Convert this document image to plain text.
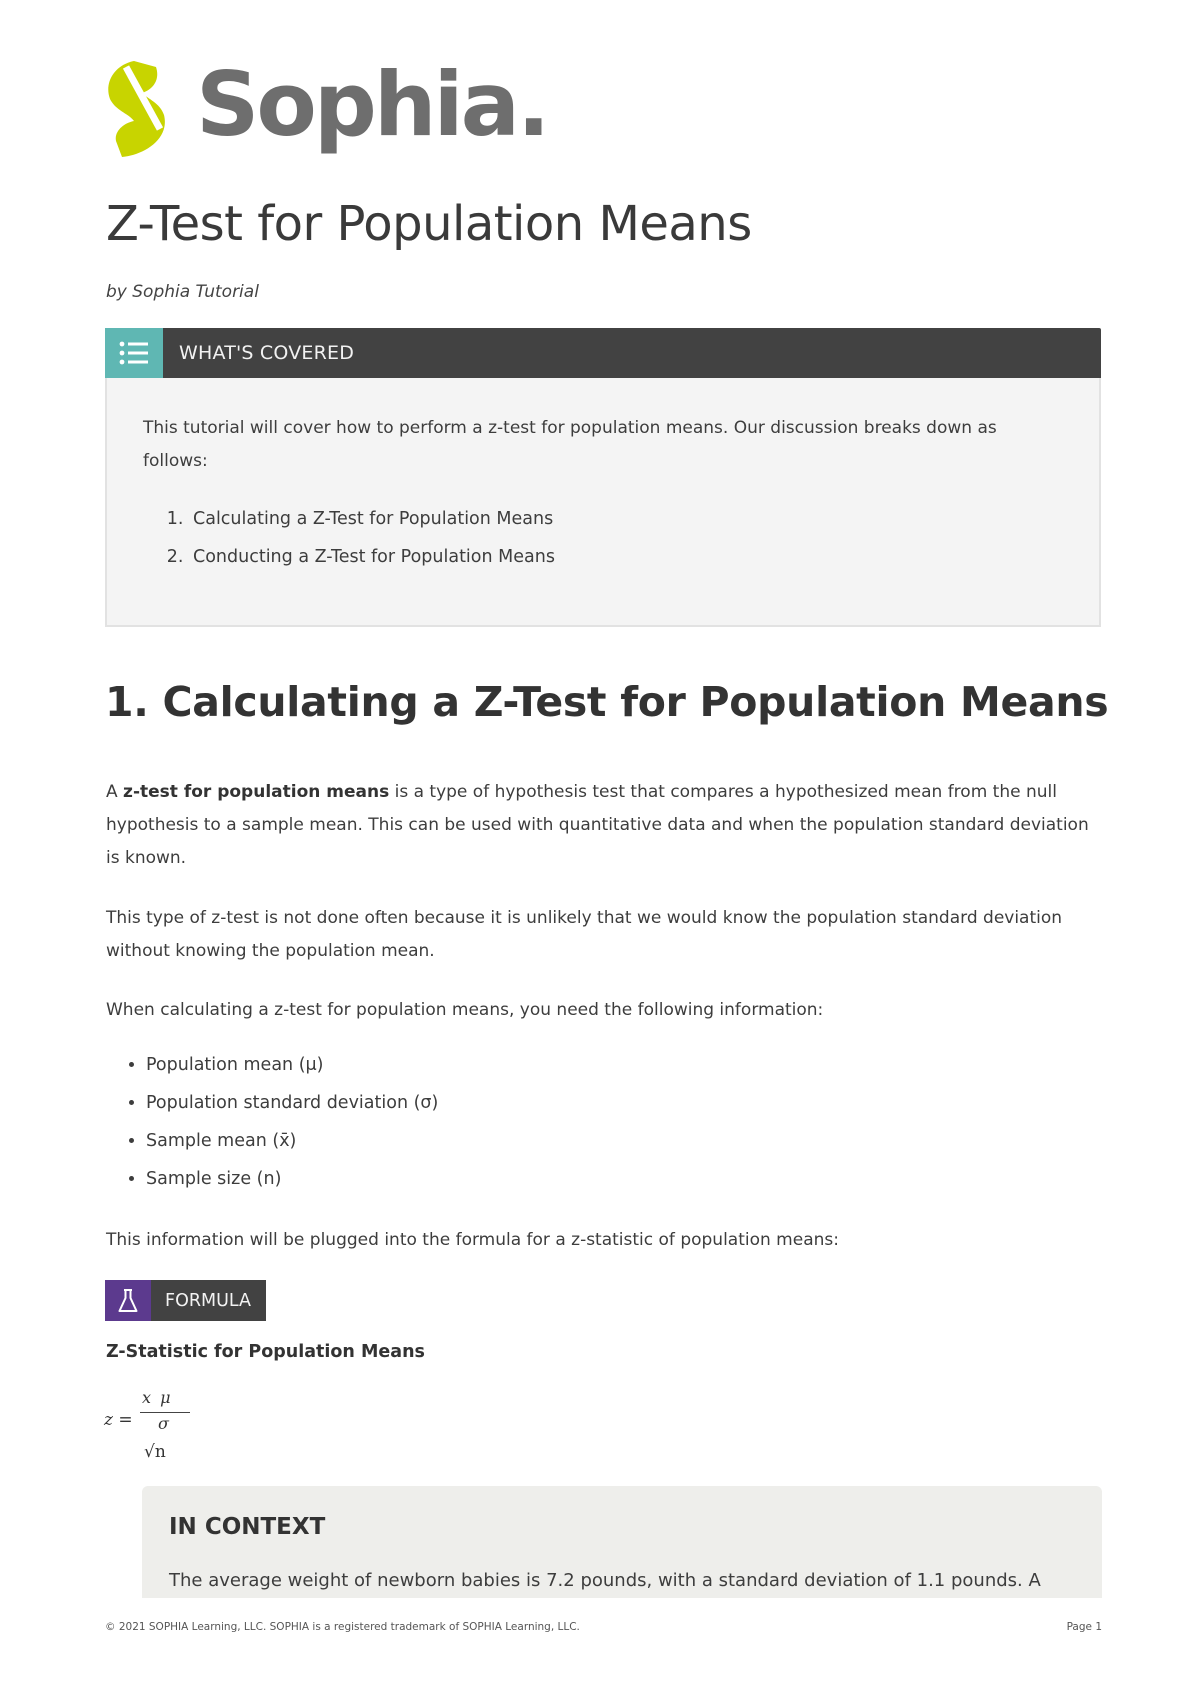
Sophia.
Z-Test for Population Means

by Sophia Tutorial

WHAT'S COVERED

This tutorial will cover how to perform a z-test for population means. Our discussion breaks down as follows:

1. Calculating a Z-Test for Population Means
2. Conducting a Z-Test for Population Means
1. Calculating a Z-Test for Population Means

A z-test for population means is a type of hypothesis test that compares a hypothesized mean from the null hypothesis to a sample mean. This can be used with quantitative data and when the population standard deviation is known.

This type of z-test is not done often because it is unlikely that we would know the population standard deviation without knowing the population mean.

When calculating a z-test for population means, you need the following information:

• Population mean (μ)
• Population standard deviation (σ)
• Sample mean (x̄)
• Sample size (n)

This information will be plugged into the formula for a z-statistic of population means:

FORMULA

Z-Statistic for Population Means

z =
x μ
σ
√n
IN CONTEXT

The average weight of newborn babies is 7.2 pounds, with a standard deviation of 1.1 pounds. A

© 2021 SOPHIA Learning, LLC. SOPHIA is a registered trademark of SOPHIA Learning, LLC.	Page 1
